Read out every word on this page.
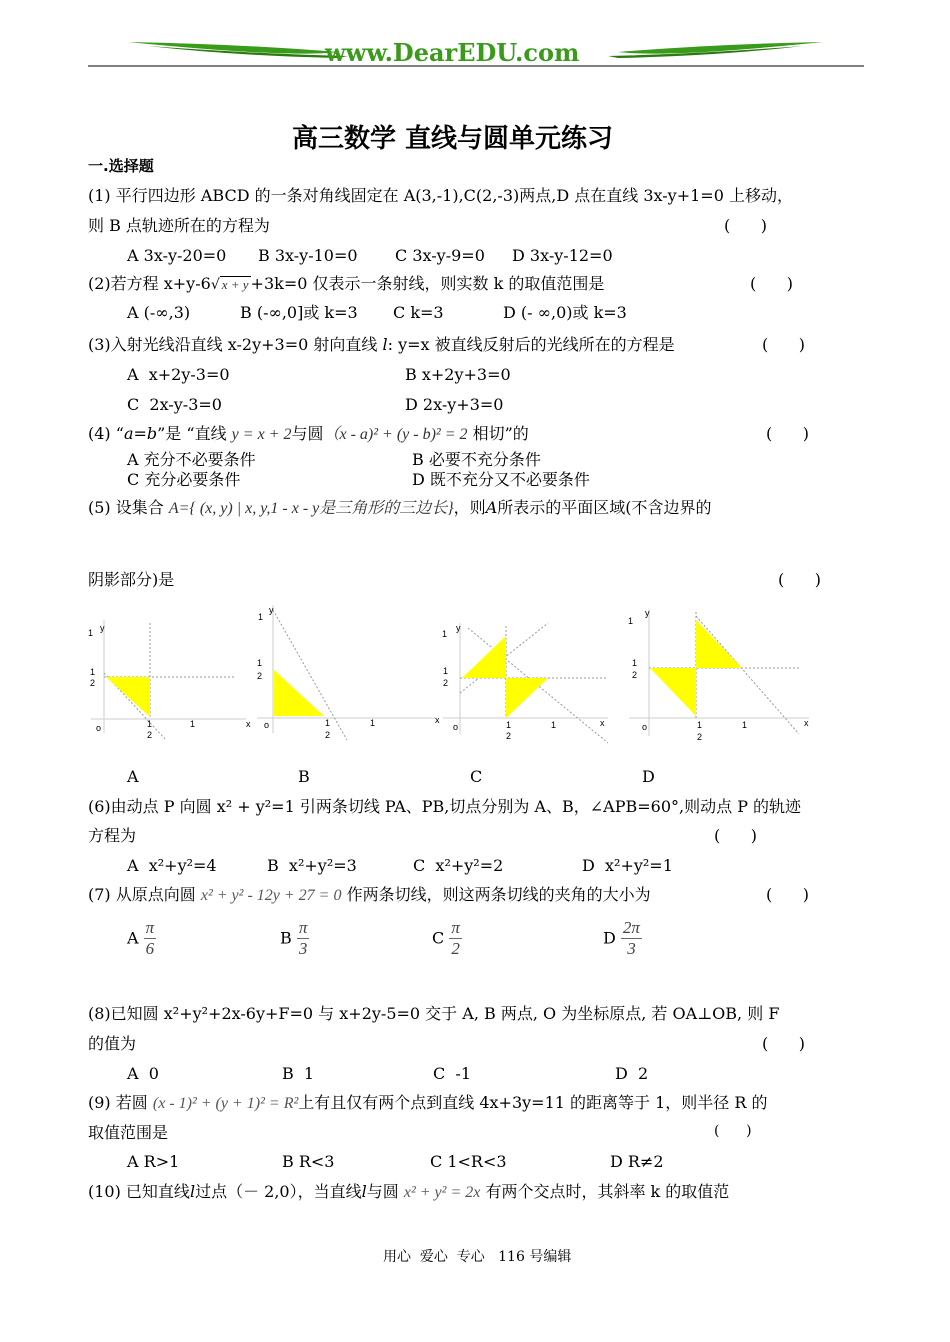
www.DearEDU.com
高三数学 直线与圆单元练习
一.选择题
(1) 平行四边形 ABCD 的一条对角线固定在 A(3,-1),C(2,-3)两点,D 点在直线 3x-y+1=0 上移动，
则 B 点轨迹所在的方程为	(      )
A 3x-y-20=0 B 3x-y-10=0 C 3x-y-9=0 D 3x-y-12=0
(2)若方程 x+y-6√ x + y +3k=0 仅表示一条射线，则实数 k 的取值范围是	(      )
A (-∞,3)	B (-∞,0]或 k=3 C k=3	D (- ∞,0)或 k=3
(3)入射光线沿直线 x-2y+3=0 射向直线 l: y=x 被直线反射后的光线所在的方程是	(      )
A  x+2y-3=0	B x+2y+3=0
C  2x-y-3=0	D 2x-y+3=0
(4) “a=b”是 “直线 y = x + 2与圆（x - a)² + (y - b)² = 2 相切”的	(      )
A 充分不必要条件	B 必要不充分条件
C 充分必要条件	D 既不充分又不必要条件
(5) 设集合 A={ (x, y) | x, y,1 - x - y是三角形的三边长}，则A所表示的平面区域(不含边界的
阴影部分)是	(      )
1 y
1
2
o	1
2
1	x
1
y
1
2
o	1
2
1	x
1
y
1
2
o	1
2
1	x
1
y
1
2
o	1
2
1	x
A	B	C	D
(6)由动点 P 向圆 x² + y²=1 引两条切线 PA、PB,切点分别为 A、B，∠APB=60°,则动点 P 的轨迹
方程为	(      )
A  x²+y²=4	B  x²+y²=3	C  x²+y²=2	D  x²+y²=1
(7) 从原点向圆 x² + y² - 12y + 27 = 0 作两条切线，则这两条切线的夹角的大小为	(      )
A $\frac{\pi}{6}$	B $\frac{\pi}{3}$	C $\frac{\pi}{2}$	D $\frac{2\pi}{3}$
(8)已知圆 x²+y²+2x-6y+F=0 与 x+2y-5=0 交于 A, B 两点, O 为坐标原点, 若 OA⊥OB, 则 F
的值为	(      )
A  0	B  1	C  -1	D  2
(9) 若圆 (x - 1)² + (y + 1)² = R²上有且仅有两个点到直线 4x+3y=11 的距离等于 1，则半径 R 的
取值范围是	(      )
A R>1	B R<3	C 1<R<3	D R≠2
(10) 已知直线l过点（－ 2,0），当直线l与圆 x² + y² = 2x 有两个交点时，其斜率 k 的取值范
用心  爱心  专心   116 号编辑
